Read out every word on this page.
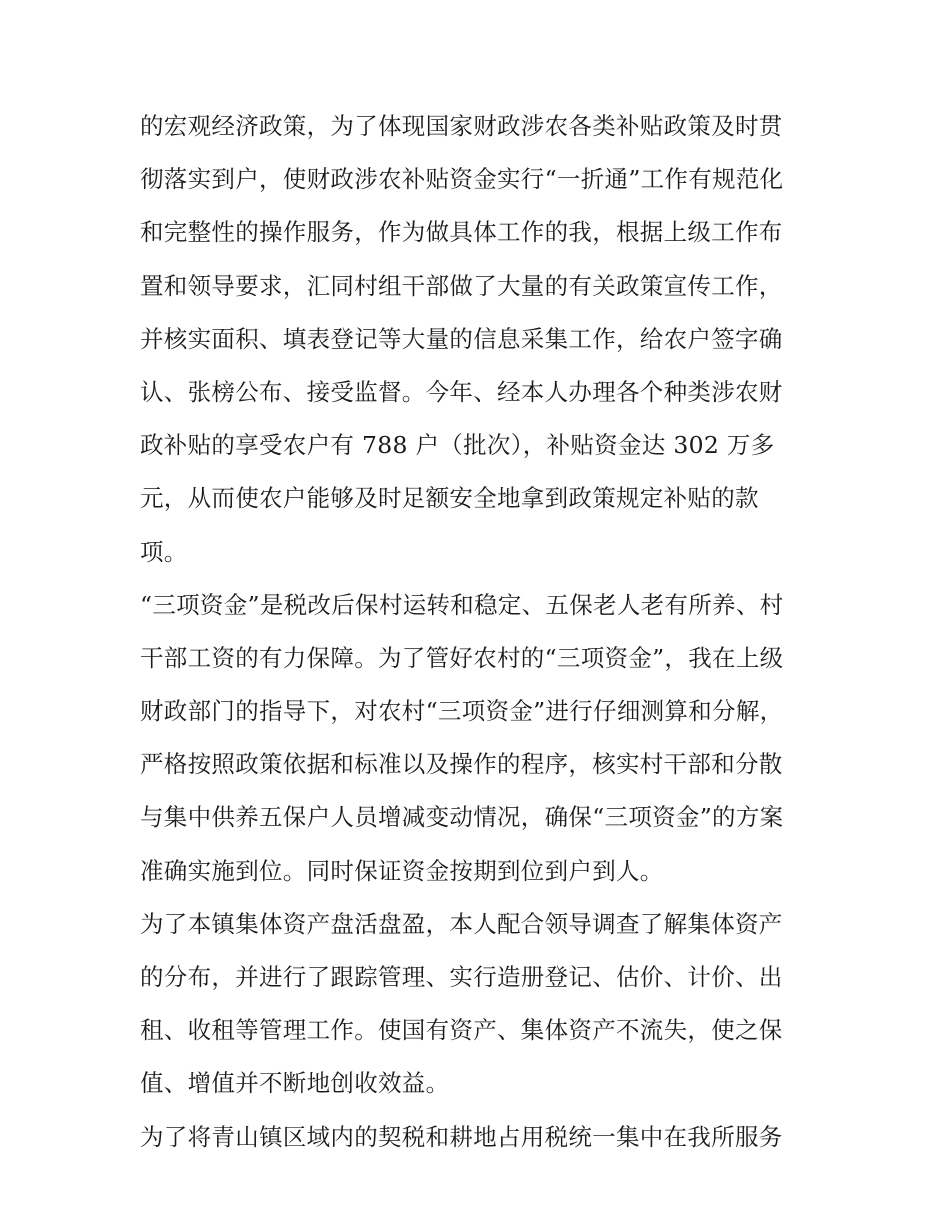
的宏观经济政策，为了体现国家财政涉农各类补贴政策及时贯
彻落实到户，使财政涉农补贴资金实行“一折通”工作有规范化
和完整性的操作服务，作为做具体工作的我，根据上级工作布
置和领导要求，汇同村组干部做了大量的有关政策宣传工作，
并核实面积、填表登记等大量的信息采集工作，给农户签字确
认、张榜公布、接受监督。今年、经本人办理各个种类涉农财
政补贴的享受农户有 788 户（批次），补贴资金达 302 万多
元，从而使农户能够及时足额安全地拿到政策规定补贴的款
项。
“三项资金”是税改后保村运转和稳定、五保老人老有所养、村
干部工资的有力保障。为了管好农村的“三项资金”，我在上级
财政部门的指导下，对农村“三项资金”进行仔细测算和分解，
严格按照政策依据和标准以及操作的程序，核实村干部和分散
与集中供养五保户人员增减变动情况，确保“三项资金”的方案
准确实施到位。同时保证资金按期到位到户到人。
为了本镇集体资产盘活盘盈，本人配合领导调查了解集体资产
的分布，并进行了跟踪管理、实行造册登记、估价、计价、出
租、收租等管理工作。使国有资产、集体资产不流失，使之保
值、增值并不断地创收效益。
为了将青山镇区域内的契税和耕地占用税统一集中在我所服务
